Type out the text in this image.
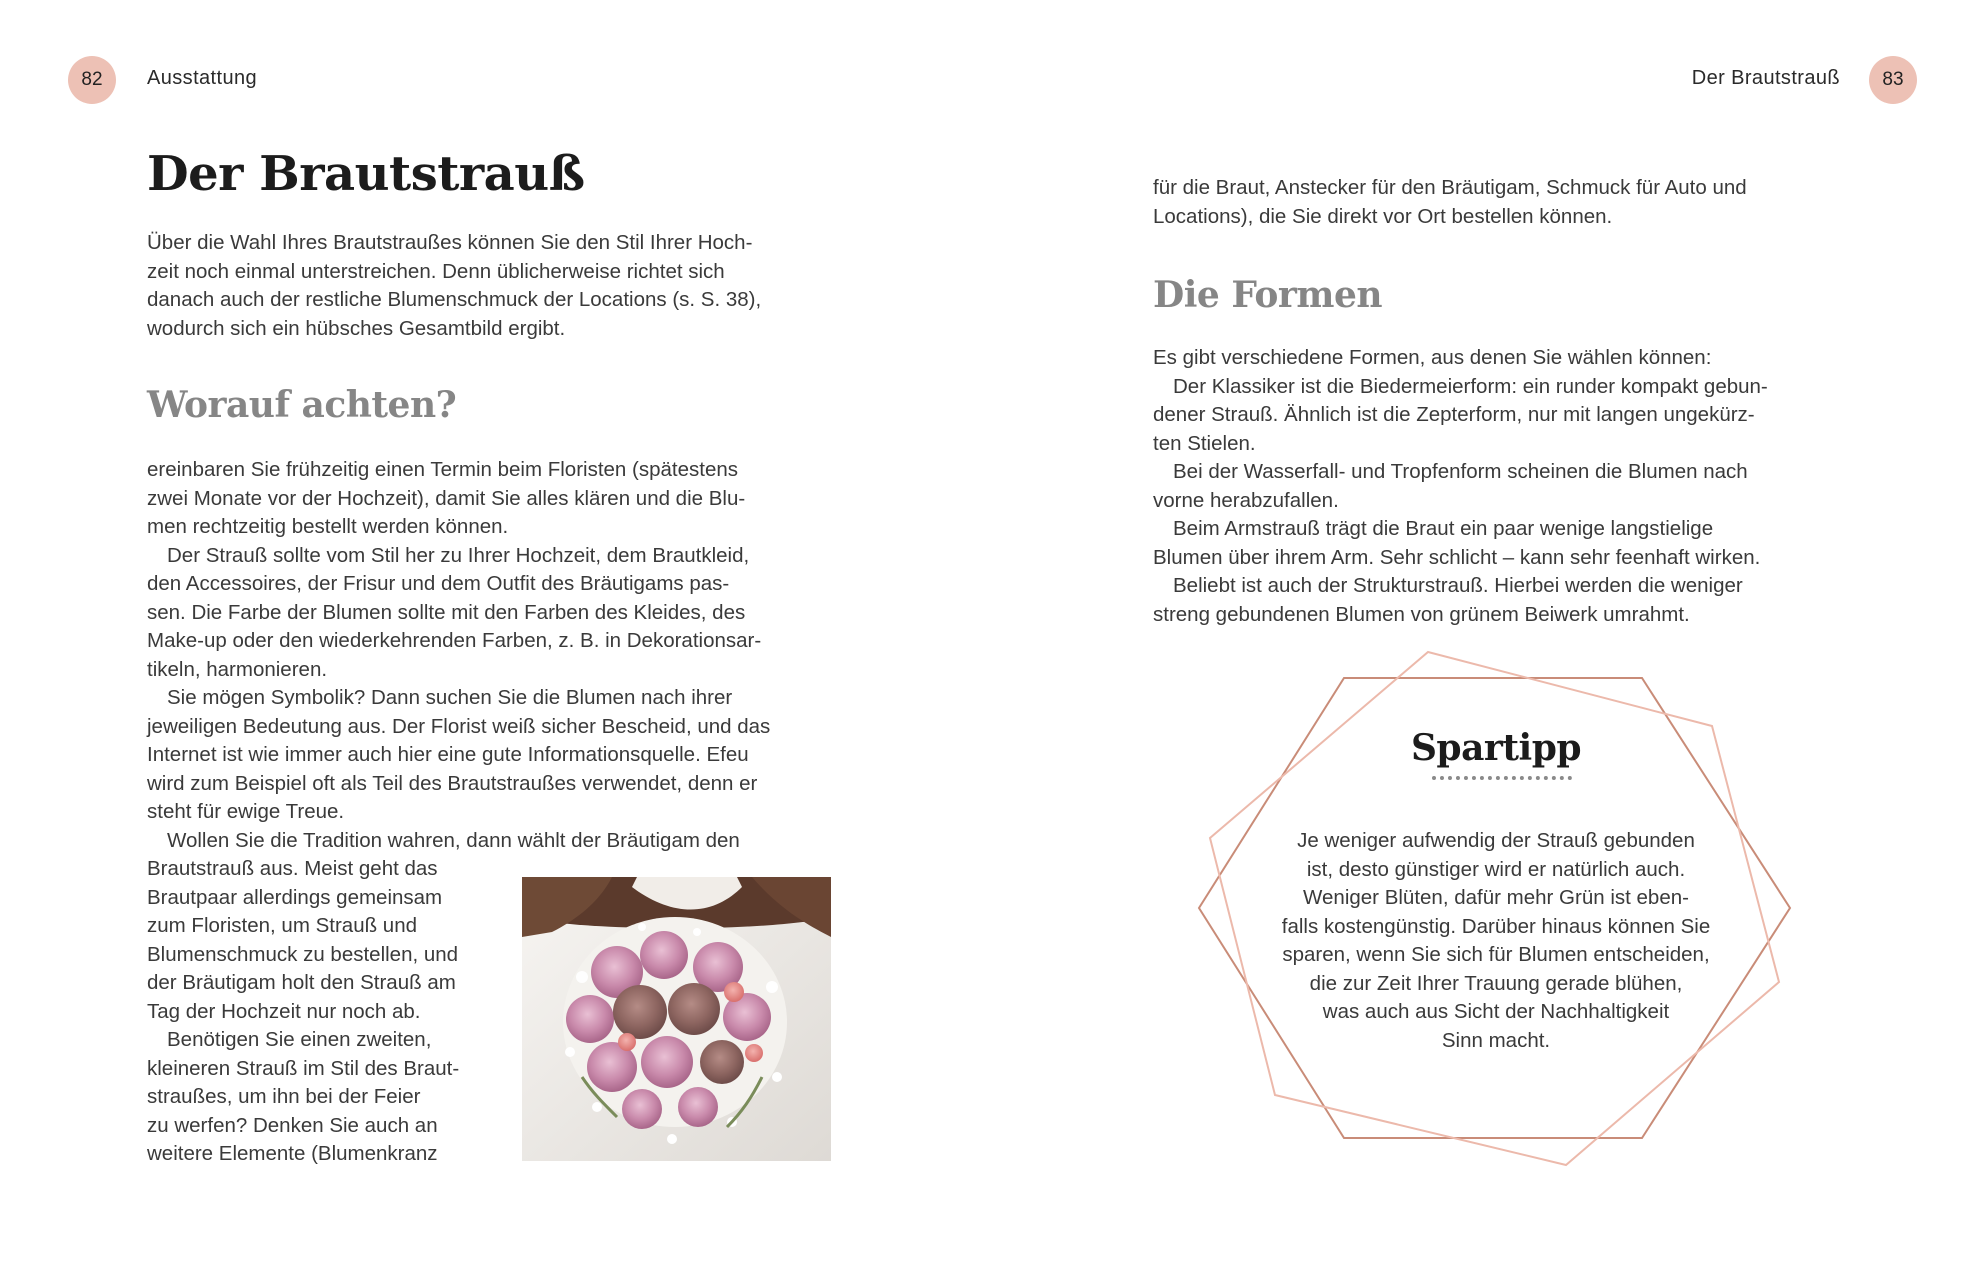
82	Ausstattung
Der Brautstrauß
Über die Wahl Ihres Brautstraußes können Sie den Stil Ihrer Hoch-
zeit noch einmal unterstreichen. Denn üblicherweise richtet sich
danach auch der restliche Blumenschmuck der Locations (s. S. 38),
wodurch sich ein hübsches Gesamtbild ergibt.
Worauf achten?
ereinbaren Sie frühzeitig einen Termin beim Floristen (spätestens
zwei Monate vor der Hochzeit), damit Sie alles klären und die Blu-
men rechtzeitig bestellt werden können.
Der Strauß sollte vom Stil her zu Ihrer Hochzeit, dem Brautkleid,
den Accessoires, der Frisur und dem Outfit des Bräutigams pas-
sen. Die Farbe der Blumen sollte mit den Farben des Kleides, des
Make-up oder den wiederkehrenden Farben, z. B. in Dekorationsar-
tikeln, harmonieren.
Sie mögen Symbolik? Dann suchen Sie die Blumen nach ihrer
jeweiligen Bedeutung aus. Der Florist weiß sicher Bescheid, und das
Internet ist wie immer auch hier eine gute Informationsquelle. Efeu
wird zum Beispiel oft als Teil des Brautstraußes verwendet, denn er
steht für ewige Treue.
Wollen Sie die Tradition wahren, dann wählt der Bräutigam den
Brautstrauß aus. Meist geht das
Brautpaar allerdings gemeinsam
zum Floristen, um Strauß und
Blumenschmuck zu bestellen, und
der Bräutigam holt den Strauß am
Tag der Hochzeit nur noch ab.
Benötigen Sie einen zweiten,
kleineren Strauß im Stil des Braut-
straußes, um ihn bei der Feier
zu werfen? Denken Sie auch an
weitere Elemente (Blumenkranz
Der Brautstrauß	83
für die Braut, Anstecker für den Bräutigam, Schmuck für Auto und
Locations), die Sie direkt vor Ort bestellen können.
Die Formen
Es gibt verschiedene Formen, aus denen Sie wählen können:
Der Klassiker ist die Biedermeierform: ein runder kompakt gebun-
dener Strauß. Ähnlich ist die Zepterform, nur mit langen ungekürz-
ten Stielen.
Bei der Wasserfall- und Tropfenform scheinen die Blumen nach
vorne herabzufallen.
Beim Armstrauß trägt die Braut ein paar wenige langstielige
Blumen über ihrem Arm. Sehr schlicht – kann sehr feenhaft wirken.
Beliebt ist auch der Strukturstrauß. Hierbei werden die weniger
streng gebundenen Blumen von grünem Beiwerk umrahmt.
Spartipp
Je weniger aufwendig der Strauß gebunden
ist, desto günstiger wird er natürlich auch.
Weniger Blüten, dafür mehr Grün ist eben-
falls kostengünstig. Darüber hinaus können Sie
sparen, wenn Sie sich für Blumen entscheiden,
die zur Zeit Ihrer Trauung gerade blühen,
was auch aus Sicht der Nachhaltigkeit
Sinn macht.
